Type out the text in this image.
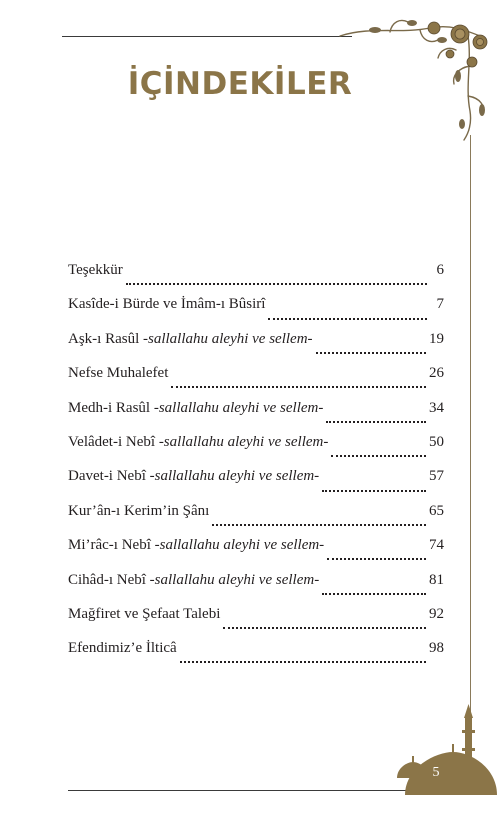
İÇİNDEKİLER
Teşekkür	6
Kasîde-i Bürde ve İmâm-ı Bûsirî	7
Aşk-ı Rasûl -sallallahu aleyhi ve sellem-	19
Nefse Muhalefet	26
Medh-i Rasûl -sallallahu aleyhi ve sellem-	34
Velâdet-i Nebî -sallallahu aleyhi ve sellem-	50
Davet-i Nebî -sallallahu aleyhi ve sellem-	57
Kur’ân-ı Kerim’in Şânı	65
Mi’râc-ı Nebî -sallallahu aleyhi ve sellem-	74
Cihâd-ı Nebî -sallallahu aleyhi ve sellem-	81
Mağfiret ve Şefaat Talebi	92
Efendimiz’e İlticâ	98
5
